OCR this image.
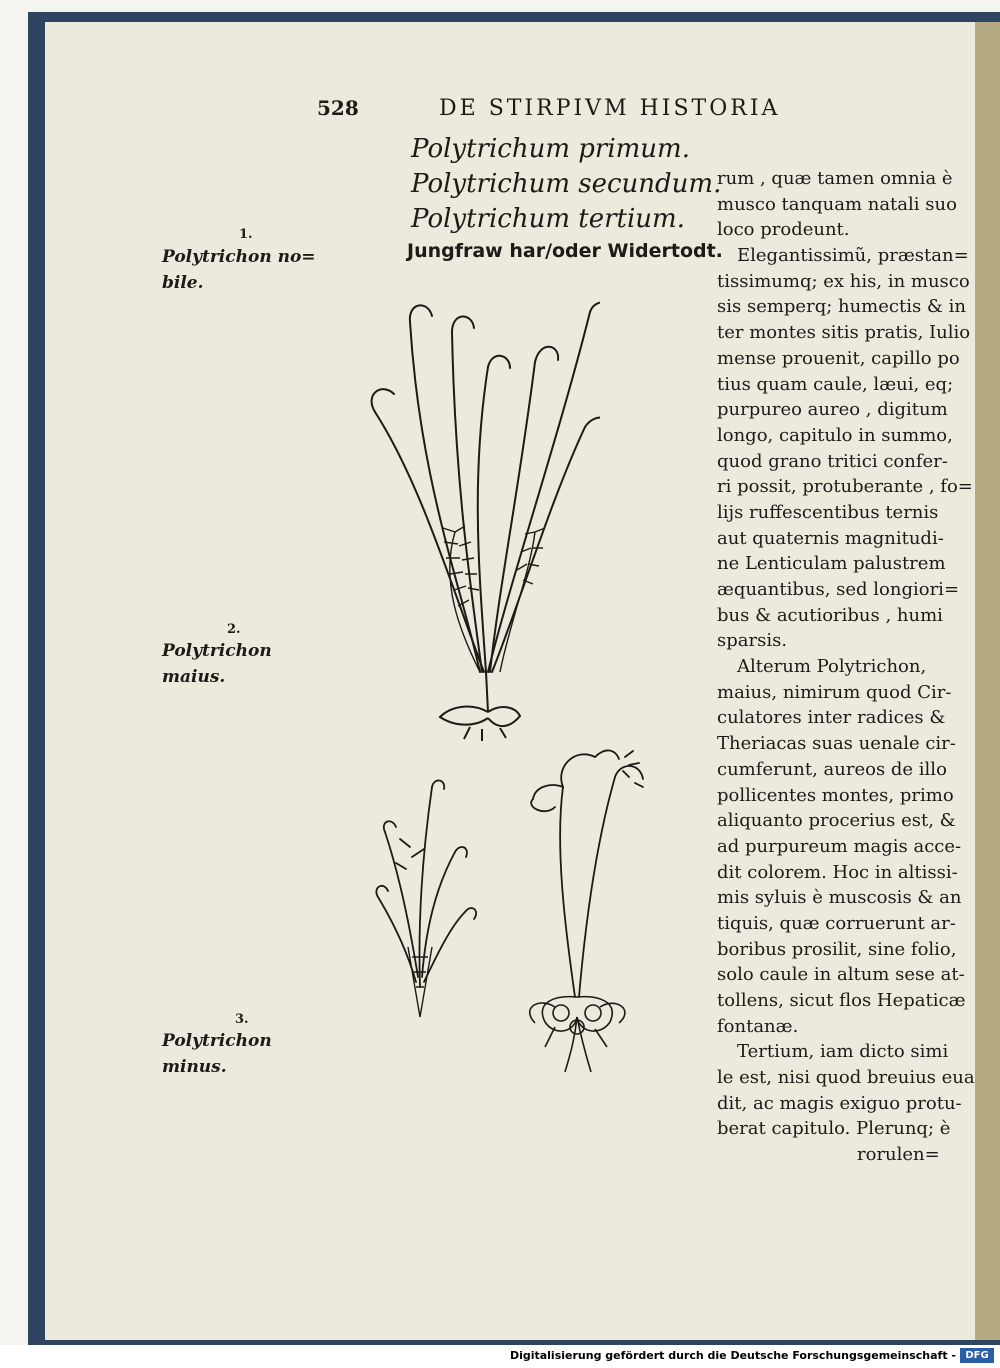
528	DE STIRPIVM HISTORIA
Polytrichum primum.
Polytrichum secundum.
Polytrichum tertium.
Jungfraw har/oder Widertodt.
1.
Polytrichon no=
bile.
2.
Polytrichon
maius.
3.
Polytrichon
minus.
rum , quæ tamen omnia è
musco tanquam natali suo
loco prodeunt.
Elegantissimũ, præstan=
tissimumq; ex his, in musco
sis semperq; humectis & in
ter montes sitis pratis, Iulio
mense prouenit, capillo po
tius quam caule, læui, eq;
purpureo aureo , digitum
longo, capitulo in summo,
quod grano tritici confer-
ri possit, protuberante , fo=
lijs ruffescentibus ternis
aut quaternis magnitudi-
ne Lenticulam palustrem
æquantibus, sed longiori=
bus & acutioribus , humi
sparsis.
Alterum Polytrichon,
maius, nimirum quod Cir-
culatores inter radices &
Theriacas suas uenale cir-
cumferunt, aureos de illo
pollicentes montes, primo
aliquanto procerius est, &
ad purpureum magis acce-
dit colorem. Hoc in altissi-
mis syluis è muscosis & an
tiquis, quæ corruerunt ar-
boribus prosilit, sine folio,
solo caule in altum sese at-
tollens, sicut flos Hepaticæ
fontanæ.
Tertium, iam dicto simi
le est, nisi quod breuius eua
dit, ac magis exiguo protu-
berat capitulo. Plerunq; è
rorulen=
Digitalisierung gefördert durch die Deutsche Forschungsgemeinschaft - DFG
